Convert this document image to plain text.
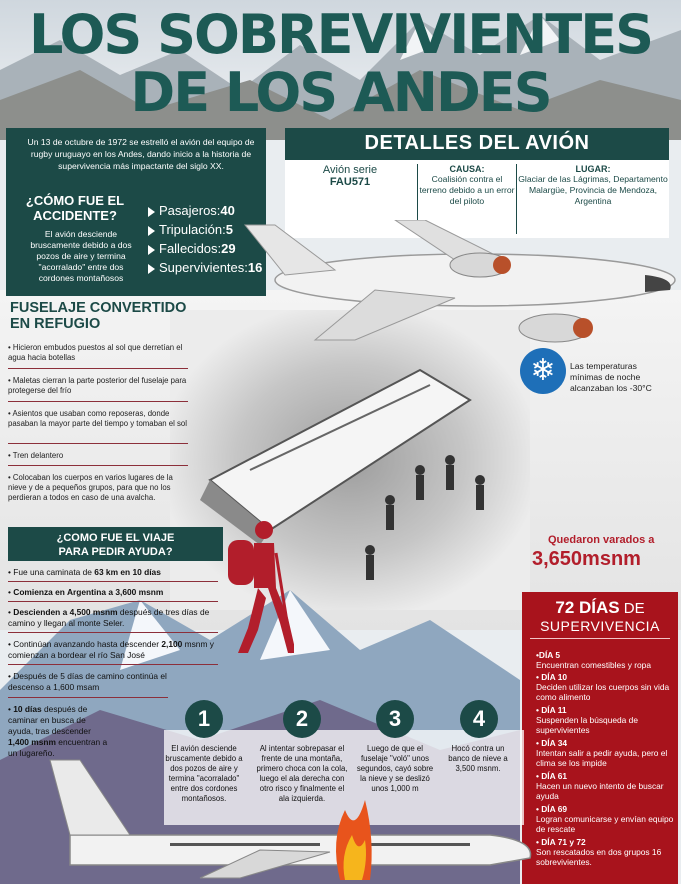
LOS SOBREVIVIENTES
DE LOS ANDES
Un 13 de octubre de 1972 se estrelló el avión del equipo de rugby uruguayo en los Andes, dando inicio a la historia de supervivencia más impactante del siglo XX.
¿CÓMO FUE EL ACCIDENTE?
El avión desciende bruscamente debido a dos pozos de aire y termina "acorralado" entre dos cordones montañosos
Pasajeros:40
Tripulación:5
Fallecidos:29
Supervivientes:16
DETALLES DEL AVIÓN
Avión serie
FAU571
CAUSA:
Coalisión contra el terreno debido a un error del piloto
LUGAR:
Glaciar de las Lágrimas, Departamento Malargüe, Provincia de Mendoza, Argentina
FUSELAJE CONVERTIDO
EN REFUGIO
• Hicieron embudos puestos al sol que derretían el agua hacia botellas
• Maletas cierran la parte posterior del fuselaje para protegerse del frío
• Asientos que usaban como reposeras, donde pasaban la mayor parte del tiempo y tomaban el sol
• Tren delantero
• Colocaban los cuerpos en varios lugares de la nieve y de a pequeños grupos, para que no los perdieran a todos en caso de una avalcha.
❄	Las temperaturas mínimas de noche alcanzaban los -30°C
¿COMO FUE EL VIAJE
PARA PEDIR AYUDA?
• Fue una caminata de 63 km en 10 días
• Comienza en Argentina a 3,600 msnm
• Descienden a 4,500 msnm después de tres días de camino y llegan al monte Seler.
• Continúan avanzando hasta descender 2,100 msnm y comienzan a bordear el río San José
• Después de 5 días de camino continúa el descenso a 1,600 msam
• 10 días después de caminar en busca de ayuda, tras descender
1,400 msnm encuentran a un lugareño.
Quedaron varados a
3,650msnm
72 DÍAS DE
SUPERVIVENCIA
•DÍA 5
Encuentran comestibles y ropa
• DÍA 10
Deciden utilizar los cuerpos sin vida como alimento
• DÍA 11
Suspenden la búsqueda de supervivientes
• DÍA 34
Intentan salir a pedir ayuda, pero el clima se los impide
• DÍA 61
Hacen un nuevo intento de buscar ayuda
• DÍA 69
Logran comunicarse y envían equipo de rescate
• DÍA 71 y 72
Son rescatados en dos grupos 16 sobrevivientes.
1
El avión desciende bruscamente debido a dos pozos de aire y termina "acorralado" entre dos cordones montañosos.
2
Al intentar sobrepasar el frente de una montaña, primero choca con la cola, luego el ala derecha con otro risco y finalmente el ala izquierda.
3
Luego de que el fuselaje "voló" unos segundos, cayó sobre la nieve y se deslizó unos 1,000 m
4
Hocó contra un banco de nieve a 3,500 msnm.
